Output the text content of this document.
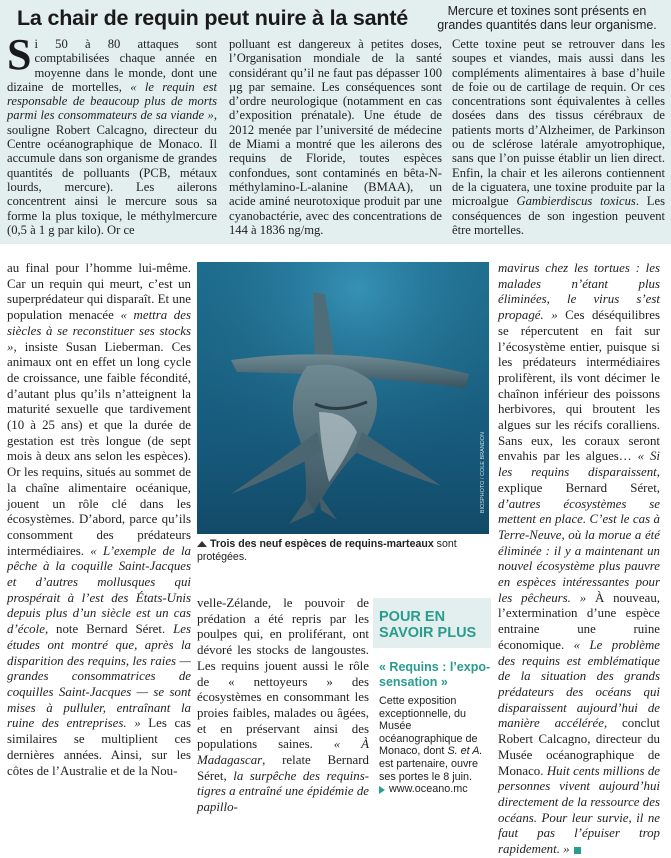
La chair de requin peut nuire à la santé	Mercure et toxines sont présents en grandes quantités dans leur organisme.

Si 50 à 80 attaques sont comptabilisées chaque année en moyenne dans le monde, dont une dizaine de mortelles, « le requin est responsable de beaucoup plus de morts parmi les consommateurs de sa viande », souligne Robert Calcagno, directeur du Centre océanographique de Monaco. Il accumule dans son organisme de grandes quantités de polluants (PCB, métaux lourds, mercure). Les ailerons concentrent ainsi le mercure sous sa forme la plus toxique, le méthylmercure (0,5 à 1 g par kilo). Or ce

polluant est dangereux à petites doses, l’Organisation mondiale de la santé considérant qu’il ne faut pas dépasser 100 µg par semaine. Les conséquences sont d’ordre neurologique (notamment en cas d’exposition prénatale). Une étude de 2012 menée par l’université de médecine de Miami a montré que les ailerons des requins de Floride, toutes espèces confondues, sont contaminés en bêta-N-méthylamino-L-alanine (BMAA), un acide aminé neurotoxique produit par une cyanobactérie, avec des concentrations de 144 à 1836 ng/mg.

Cette toxine peut se retrouver dans les soupes et viandes, mais aussi dans les compléments alimentaires à base d’huile de foie ou de cartilage de requin. Or ces concentrations sont équivalentes à celles dosées dans des tissus cérébraux de patients morts d’Alzheimer, de Parkinson ou de sclérose latérale amyotrophique, sans que l’on puisse établir un lien direct. Enfin, la chair et les ailerons contiennent de la ciguatera, une toxine produite par la microalgue Gambierdiscus toxicus. Les conséquences de son ingestion peuvent être mortelles.

au final pour l’homme lui-même. Car un requin qui meurt, c’est un superprédateur qui disparaît. Et une population menacée « mettra des siècles à se reconstituer ses stocks », insiste Susan Lieberman. Ces animaux ont en effet un long cycle de croissance, une faible fécondité, d’autant plus qu’ils n’atteignent la maturité sexuelle que tardivement (10 à 25 ans) et que la durée de gestation est très longue (de sept mois à deux ans selon les espèces). Or les requins, situés au sommet de la chaîne alimentaire océanique, jouent un rôle clé dans les écosystèmes. D’abord, parce qu’ils consomment des prédateurs intermédiaires. « L’exemple de la pêche à la coquille Saint-Jacques et d’autres mollusques qui prospérait à l’est des États-Unis depuis plus d’un siècle est un cas d’école, note Bernard Séret. Les études ont montré que, après la disparition des requins, les raies — grandes consommatrices de coquilles Saint-Jacques — se sont mises à pulluler, entraînant la ruine des entreprises. » Les cas similaires se multiplient ces dernières années. Ainsi, sur les côtes de l’Australie et de la Nou-

velle-Zélande, le pouvoir de prédation a été repris par les poulpes qui, en proliférant, ont dévoré les stocks de langoustes. Les requins jouent aussi le rôle de « nettoyeurs » des écosystèmes en consommant les proies faibles, malades ou âgées, et en préservant ainsi des populations saines. « À Madagascar, relate Bernard Séret, la surpêche des requins-tigres a entraîné une épidémie de papillo-

mavirus chez les tortues : les malades n’étant plus éliminées, le virus s’est propagé. » Ces déséquilibres se répercutent en fait sur l’écosystème entier, puisque si les prédateurs intermédiaires prolifèrent, ils vont décimer le chaînon inférieur des poissons herbivores, qui broutent les algues sur les récifs coralliens. Sans eux, les coraux seront envahis par les algues… « Si les requins disparaissent, explique Bernard Séret, d’autres écosystèmes se mettent en place. C’est le cas à Terre-Neuve, où la morue a été éliminée : il y a maintenant un nouvel écosystème plus pauvre en espèces intéressantes pour les pêcheurs. » À nouveau, l’extermination d’une espèce entraine une ruine économique. « Le problème des requins est emblématique de la situation des grands prédateurs des océans qui disparaissent aujourd’hui de manière accélérée, conclut Robert Calcagno, directeur du Musée océanographique de Monaco. Huit cents millions de personnes vivent aujourd’hui directement de la ressource des océans. Pour leur survie, il ne faut pas l’épuiser trop rapidement. »

BIOSPHOTO / COLE BRANDON
Trois des neuf espèces de requins-marteaux sont protégées.
POUR EN SAVOIR PLUS
« Requins : l’expo-sensation »
Cette exposition exceptionnelle, du Musée océanographique de Monaco, dont S. et A. est partenaire, ouvre ses portes le 8 juin.
www.oceano.mc
